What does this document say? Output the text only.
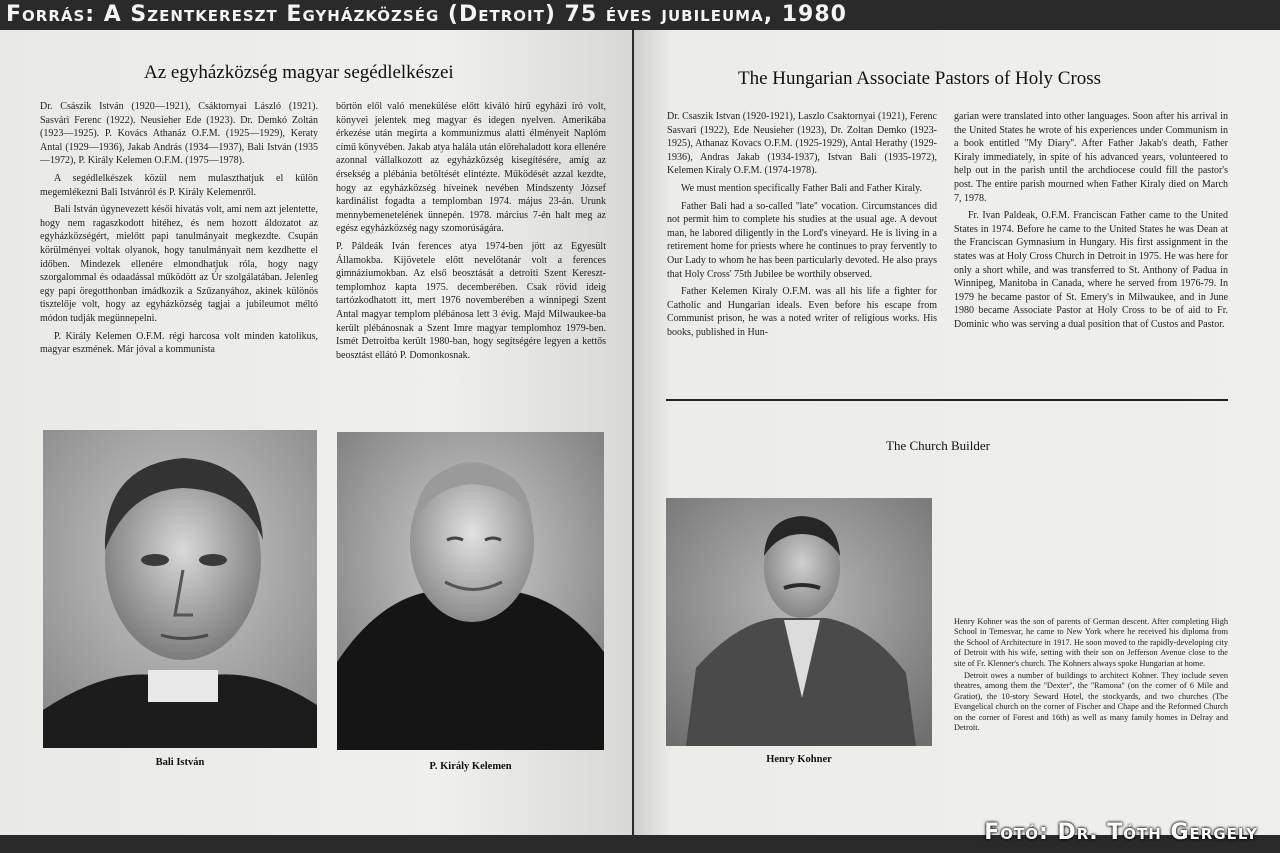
Forrás: A Szentkereszt Egyházközség (Detroit) 75 éves jubileuma, 1980
Az egyházközség magyar segédlelkészei

Dr. Császik István (1920—1921), Csáktornyai László (1921). Sasvári Ferenc (1922). Neusieher Ede (1923). Dr. Demkó Zoltán (1923—1925). P. Kovács Athanáz O.F.M. (1925—1929), Keraty Antal (1929—1936), Jakab András (1934—1937), Bali István (1935—1972), P. Király Kelemen O.F.M. (1975—1978).

A segédlelkészek közül nem mulaszthatjuk el külön megemlékezni Bali Istvánról és P. Király Kelemenről.

Bali István úgynevezett késői hivatás volt, ami nem azt jelentette, hogy nem ragaszkodott hitéhez, és nem hozott áldozatot az egyházközségért, mielőtt papi tanulmányait megkezdte. Csupán körülményei voltak olyanok, hogy tanulmányait nem kezdhette el időben. Mindezek ellenére elmondhatjuk róla, hogy nagy szorgalommal és odaadással működött az Úr szolgálatában. Jelenleg egy papi öregotthonban imádkozik a Szűzanyához, akinek különös tisztelője volt, hogy az egyházközség tagjai a jubileumot méltó módon tudják megünnepelni.

P. Király Kelemen O.F.M. régi harcosa volt minden katolikus, magyar eszmének. Már jóval a kommunista

börtön elől való menekülése előtt kiváló hírű egyházi író volt, könyvei jelentek meg magyar és idegen nyelven. Amerikába érkezése után megírta a kommunizmus alatti élményeit Naplóm című könyvében. Jakab atya halála után előrehaladott kora ellenére azonnal vállalkozott az egyházközség kisegítésére, amíg az érsekség a plébánia betöltését elintézte. Működését azzal kezdte, hogy az egyházközség híveinek nevében Mindszenty József kardinálist fogadta a templomban 1974. május 23-án. Urunk mennybemenetelének ünnepén. 1978. március 7-én halt meg az egész egyházközség nagy szomorúságára.

P. Páldeák Iván ferences atya 1974-ben jött az Egyesült Államokba. Kijövetele előtt nevelőtanár volt a ferences gimnáziumokban. Az első beosztását a detroiti Szent Kereszt-templomhoz kapta 1975. decemberében. Csak rövid ideig tartózkodhatott itt, mert 1976 novemberében a winnipegi Szent Antal magyar templom plébánosa lett 3 évig. Majd Milwaukee-ba került plébánosnak a Szent Imre magyar templomhoz 1979-ben. Ismét Detroitba került 1980-ban, hogy segítségére legyen a kettős beosztást ellátó P. Domonkosnak.

Bali István	P. Király Kelemen
The Hungarian Associate Pastors of Holy Cross

Dr. Csaszik Istvan (1920-1921), Laszlo Csaktornyai (1921), Ferenc Sasvari (1922), Ede Neusieher (1923), Dr. Zoltan Demko (1923-1925), Athanaz Kovacs O.F.M. (1925-1929), Antal Herathy (1929-1936), Andras Jakab (1934-1937), Istvan Bali (1935-1972), Kelemen Kiraly O.F.M. (1974-1978).

We must mention specifically Father Bali and Father Kiraly.

Father Bali had a so-called ''late'' vocation. Circumstances did not permit him to complete his studies at the usual age. A devout man, he labored diligently in the Lord's vineyard. He is living in a retirement home for priests where he continues to pray fervently to Our Lady to whom he has been particularly devoted. He also prays that Holy Cross' 75th Jubilee be worthily observed.

Father Kelemen Kiraly O.F.M. was all his life a fighter for Catholic and Hungarian ideals. Even before his escape from Communist prison, he was a noted writer of religious works. His books, published in Hun-

garian were translated into other languages. Soon after his arrival in the United States he wrote of his experiences under Communism in a book entitled ''My Diary''. After Father Jakab's death, Father Kiraly immediately, in spite of his advanced years, volunteered to help out in the parish until the archdiocese could fill the pastor's post. The entire parish mourned when Father Kiraly died on March 7, 1978.

Fr. Ivan Paldeak, O.F.M. Franciscan Father came to the United States in 1974. Before he came to the United States he was Dean at the Franciscan Gymnasium in Hungary. His first assignment in the states was at Holy Cross Church in Detroit in 1975. He was here for only a short while, and was transferred to St. Anthony of Padua in Winnipeg, Manitoba in Canada, where he served from 1976-79. In 1979 he became pastor of St. Emery's in Milwaukee, and in June 1980 became Associate Pastor at Holy Cross to be of aid to Fr. Dominic who was serving a dual position that of Custos and Pastor.

The Church Builder
Henry Kohner

Henry Kohner was the son of parents of German descent. After completing High School in Temesvar, he came to New York where he received his diploma from the School of Architecture in 1917. He soon moved to the rapidly-developing city of Detroit with his wife, setting with their son on Jefferson Avenue close to the site of Fr. Klenner's church. The Kohners always spoke Hungarian at home.

Detroit owes a number of buildings to architect Kohner. They include seven theatres, among them the ''Dexter'', the ''Ramona'' (on the corner of 6 Mile and Gratiot), the 10-story Seward Hotel, the stockyards, and two churches (The Evangelical church on the corner of Fischer and Chape and the Reformed Church on the corner of Forest and 16th) as well as many family homes in Delray and Detroit.

Fotó: Dr. Tóth Gergely
